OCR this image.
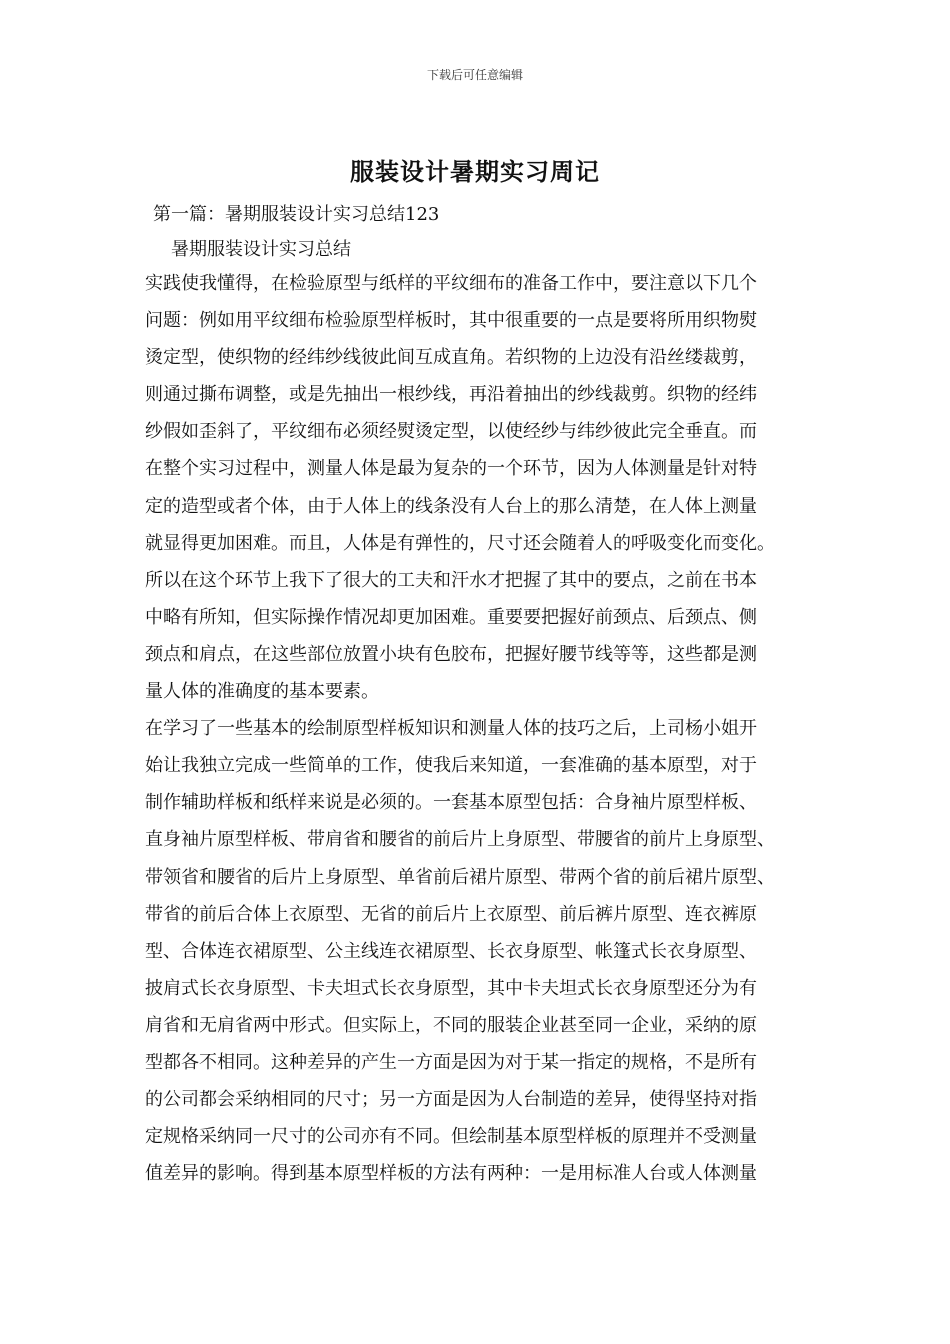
下载后可任意编辑
服装设计暑期实习周记
第一篇：暑期服装设计实习总结123
暑期服装设计实习总结
实践使我懂得，在检验原型与纸样的平纹细布的准备工作中，要注意以下几个
问题：例如用平纹细布检验原型样板时，其中很重要的一点是要将所用织物熨
烫定型，使织物的经纬纱线彼此间互成直角。若织物的上边没有沿丝缕裁剪，
则通过撕布调整，或是先抽出一根纱线，再沿着抽出的纱线裁剪。织物的经纬
纱假如歪斜了，平纹细布必须经熨烫定型，以使经纱与纬纱彼此完全垂直。而
在整个实习过程中，测量人体是最为复杂的一个环节，因为人体测量是针对特
定的造型或者个体，由于人体上的线条没有人台上的那么清楚，在人体上测量
就显得更加困难。而且，人体是有弹性的，尺寸还会随着人的呼吸变化而变化。
所以在这个环节上我下了很大的工夫和汗水才把握了其中的要点，之前在书本
中略有所知，但实际操作情况却更加困难。重要要把握好前颈点、后颈点、侧
颈点和肩点，在这些部位放置小块有色胶布，把握好腰节线等等，这些都是测
量人体的准确度的基本要素。
在学习了一些基本的绘制原型样板知识和测量人体的技巧之后，上司杨小姐开
始让我独立完成一些简单的工作，使我后来知道，一套准确的基本原型，对于
制作辅助样板和纸样来说是必须的。一套基本原型包括：合身袖片原型样板、
直身袖片原型样板、带肩省和腰省的前后片上身原型、带腰省的前片上身原型、
带领省和腰省的后片上身原型、单省前后裙片原型、带两个省的前后裙片原型、
带省的前后合体上衣原型、无省的前后片上衣原型、前后裤片原型、连衣裤原
型、合体连衣裙原型、公主线连衣裙原型、长衣身原型、帐篷式长衣身原型、
披肩式长衣身原型、卡夫坦式长衣身原型，其中卡夫坦式长衣身原型还分为有
肩省和无肩省两中形式。但实际上，不同的服装企业甚至同一企业，采纳的原
型都各不相同。这种差异的产生一方面是因为对于某一指定的规格，不是所有
的公司都会采纳相同的尺寸；另一方面是因为人台制造的差异，使得坚持对指
定规格采纳同一尺寸的公司亦有不同。但绘制基本原型样板的原理并不受测量
值差异的影响。得到基本原型样板的方法有两种：一是用标准人台或人体测量
